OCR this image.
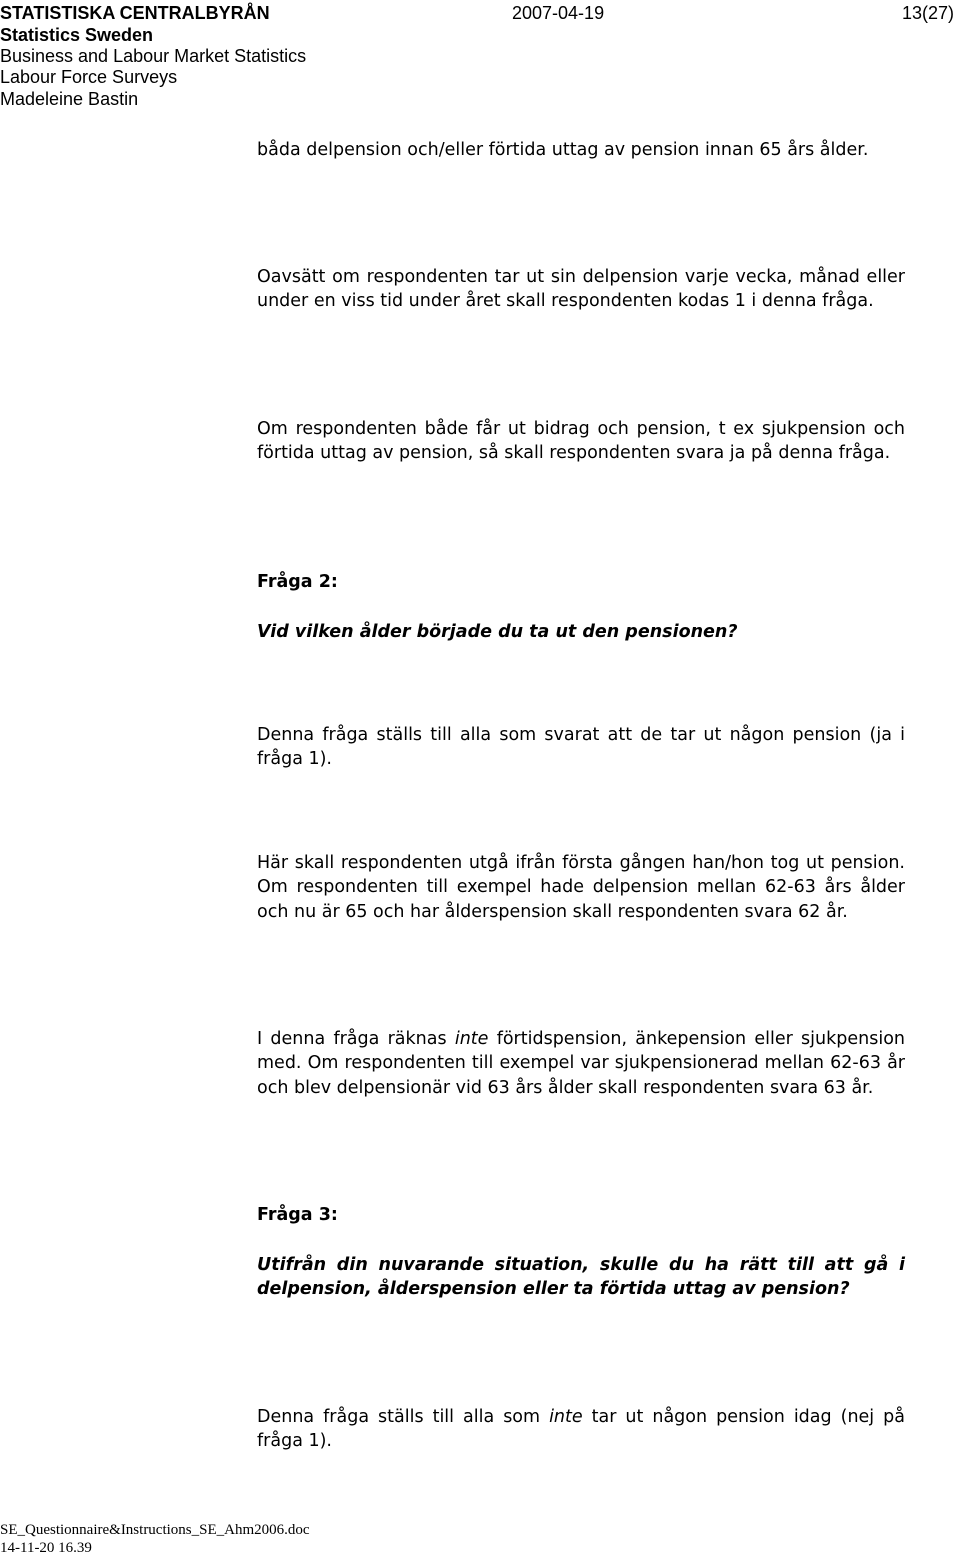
STATISTISKA CENTRALBYRÅN	2007-04-19	13(27)
Statistics Sweden
Business and Labour Market Statistics
Labour Force Surveys
Madeleine Bastin

båda delpension och/eller förtida uttag av pension innan 65 års ålder.

Oavsätt om respondenten tar ut sin delpension varje vecka, månad eller under en viss tid under året skall respondenten kodas 1 i denna fråga.

Om respondenten både får ut bidrag och pension, t ex sjukpension och förtida uttag av pension, så skall respondenten svara ja på denna fråga.

Fråga 2:
Vid vilken ålder började du ta ut den pensionen?

Denna fråga ställs till alla som svarat att de tar ut någon pension (ja i fråga 1).

Här skall respondenten utgå ifrån första gången han/hon tog ut pension. Om respondenten till exempel hade delpension mellan 62-63 års ålder och nu är 65 och har ålderspension skall respondenten svara 62 år.

I denna fråga räknas inte förtidspension, änkepension eller sjukpension med. Om respondenten till exempel var sjukpensionerad mellan 62-63 år och blev delpensionär vid 63 års ålder skall respondenten svara 63 år.

Fråga 3:
Utifrån din nuvarande situation, skulle du ha rätt till att gå i delpension, ålderspension eller ta förtida uttag av pension?

Denna fråga ställs till alla som inte tar ut någon pension idag (nej på fråga 1).

SE_Questionnaire&Instructions_SE_Ahm2006.doc
14-11-20 16.39
